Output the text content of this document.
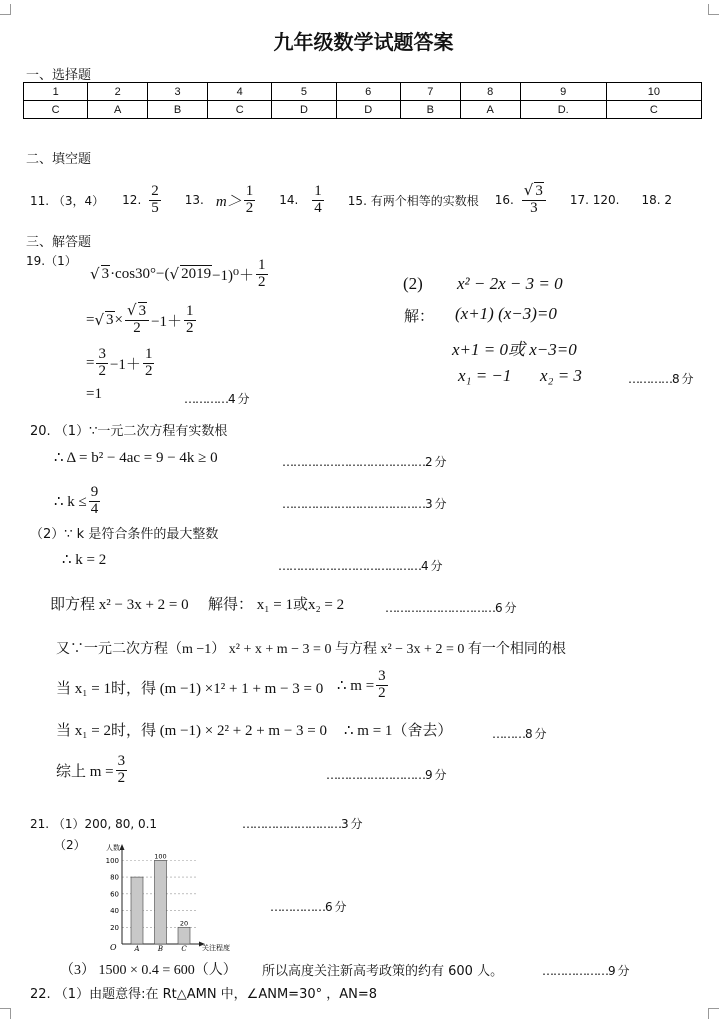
九年级数学试题答案
一、选择题
1	2	3	4	5	6	7	8	9	10
C	A	B	C	D	D	B	A	D.	C
二、填空题
11. （3，4） 12. $\frac{2}{5} 13$. $m> \frac{1}{2} 14$. $\frac{1}{4} 15$. 有两个相等的实数根 16. $\frac{√ 3}{3} 17$. 120. 18. 2
三、解答题
19.（1）
√ 3 ·cos30°−( √ $2019 -1)^0+ \frac{1}{2}$
= √ $3 \times \frac{√ 3}{2} -1+ \frac{1}{2}$
= $\frac{3}{2} -1+ \frac{1}{2}$
=1	…………4 分
(2) x² − 2x − 3 = 0
解： (x+1) (x−3)=0
x+1 = 0或 x−3=0
x₁ = −1 x₂ = 3	…………8 分
20. （1）∵一元二次方程有实数根
∴ Δ = b² − 4ac = 9 − 4k ≥ 0	…………………………………2 分
∴ $k \le \frac{9}{4}$	…………………………………3 分
（2）∵ k 是符合条件的最大整数
∴ k = 2	…………………………………4 分
即方程 x² − 3x + 2 = 0 解得： x₁ = 1或x₂ = 2	…………………………6 分
又∵一元二次方程（m −1） x² + x + m − 3 = 0 与方程 x² − 3x + 2 = 0 有一个相同的根
当 x₁ = 1时，得 (m −1) ×1² + 1 + m − 3 = 0 ∴ $m = \frac{3}{2}$
当 x₁ = 2时，得 (m −1) × 2² + 2 + m − 3 = 0 ∴ m = 1（舍去）	………8 分
综上 $m = \frac{3}{2}$	………………………9 分
21. （1）200, 80, 0.1	………………………3 分
（2）
20
40
60
80
100
100
20
A	B	C
人数
关注程度
O
……………6 分
（3） 1500 × 0.4 = 600（人） 所以高度关注新高考政策的约有 600 人。	………………9 分
22. （1）由题意得:在 Rt△AMN 中，∠ANM=30° ，AN=8
